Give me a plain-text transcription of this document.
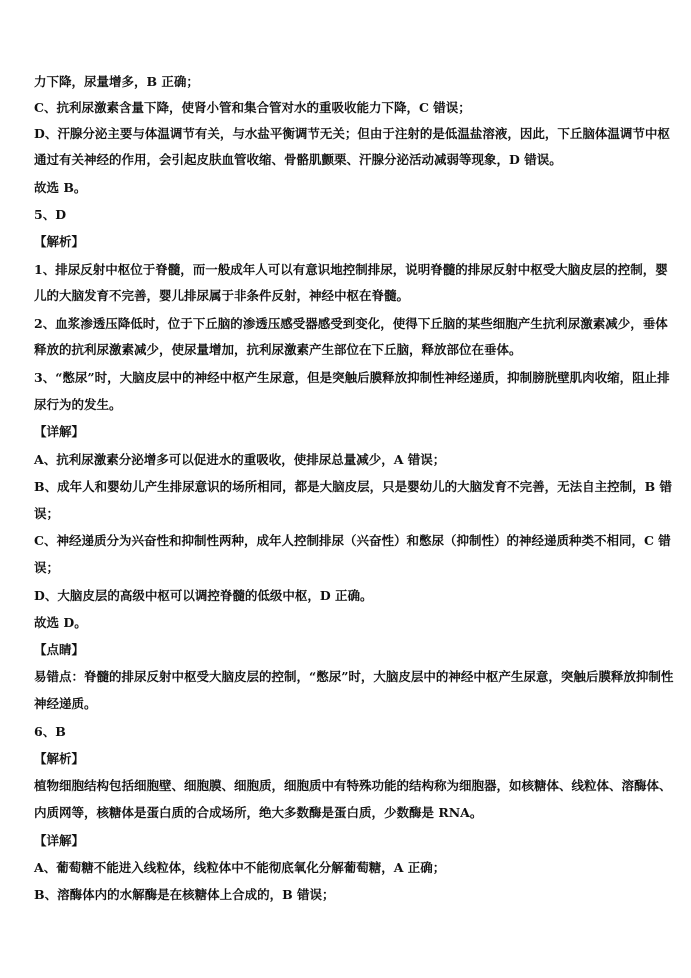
力下降，尿量增多，B 正确；
C、抗利尿激素含量下降，使肾小管和集合管对水的重吸收能力下降，C 错误；
D、汗腺分泌主要与体温调节有关，与水盐平衡调节无关；但由于注射的是低温盐溶液，因此，下丘脑体温调节中枢
通过有关神经的作用，会引起皮肤血管收缩、骨骼肌颤栗、汗腺分泌活动减弱等现象，D 错误。
故选 B。
5、D
【解析】
1、排尿反射中枢位于脊髓，而一般成年人可以有意识地控制排尿，说明脊髓的排尿反射中枢受大脑皮层的控制，婴
儿的大脑发育不完善，婴儿排尿属于非条件反射，神经中枢在脊髓。
2、血浆渗透压降低时，位于下丘脑的渗透压感受器感受到变化，使得下丘脑的某些细胞产生抗利尿激素减少，垂体
释放的抗利尿激素减少，使尿量增加，抗利尿激素产生部位在下丘脑，释放部位在垂体。
3、“憋尿”时，大脑皮层中的神经中枢产生尿意，但是突触后膜释放抑制性神经递质，抑制膀胱壁肌肉收缩，阻止排
尿行为的发生。
【详解】
A、抗利尿激素分泌增多可以促进水的重吸收，使排尿总量减少，A 错误；
B、成年人和婴幼儿产生排尿意识的场所相同，都是大脑皮层，只是婴幼儿的大脑发育不完善，无法自主控制，B 错
误；
C、神经递质分为兴奋性和抑制性两种，成年人控制排尿（兴奋性）和憋尿（抑制性）的神经递质种类不相同，C 错
误；
D、大脑皮层的高级中枢可以调控脊髓的低级中枢，D 正确。
故选 D。
【点睛】
易错点：脊髓的排尿反射中枢受大脑皮层的控制，“憋尿”时，大脑皮层中的神经中枢产生尿意，突触后膜释放抑制性
神经递质。
6、B
【解析】
植物细胞结构包括细胞壁、细胞膜、细胞质，细胞质中有特殊功能的结构称为细胞器，如核糖体、线粒体、溶酶体、
内质网等，核糖体是蛋白质的合成场所，绝大多数酶是蛋白质，少数酶是 RNA。
【详解】
A、葡萄糖不能进入线粒体，线粒体中不能彻底氧化分解葡萄糖，A 正确；
B、溶酶体内的水解酶是在核糖体上合成的，B 错误；
